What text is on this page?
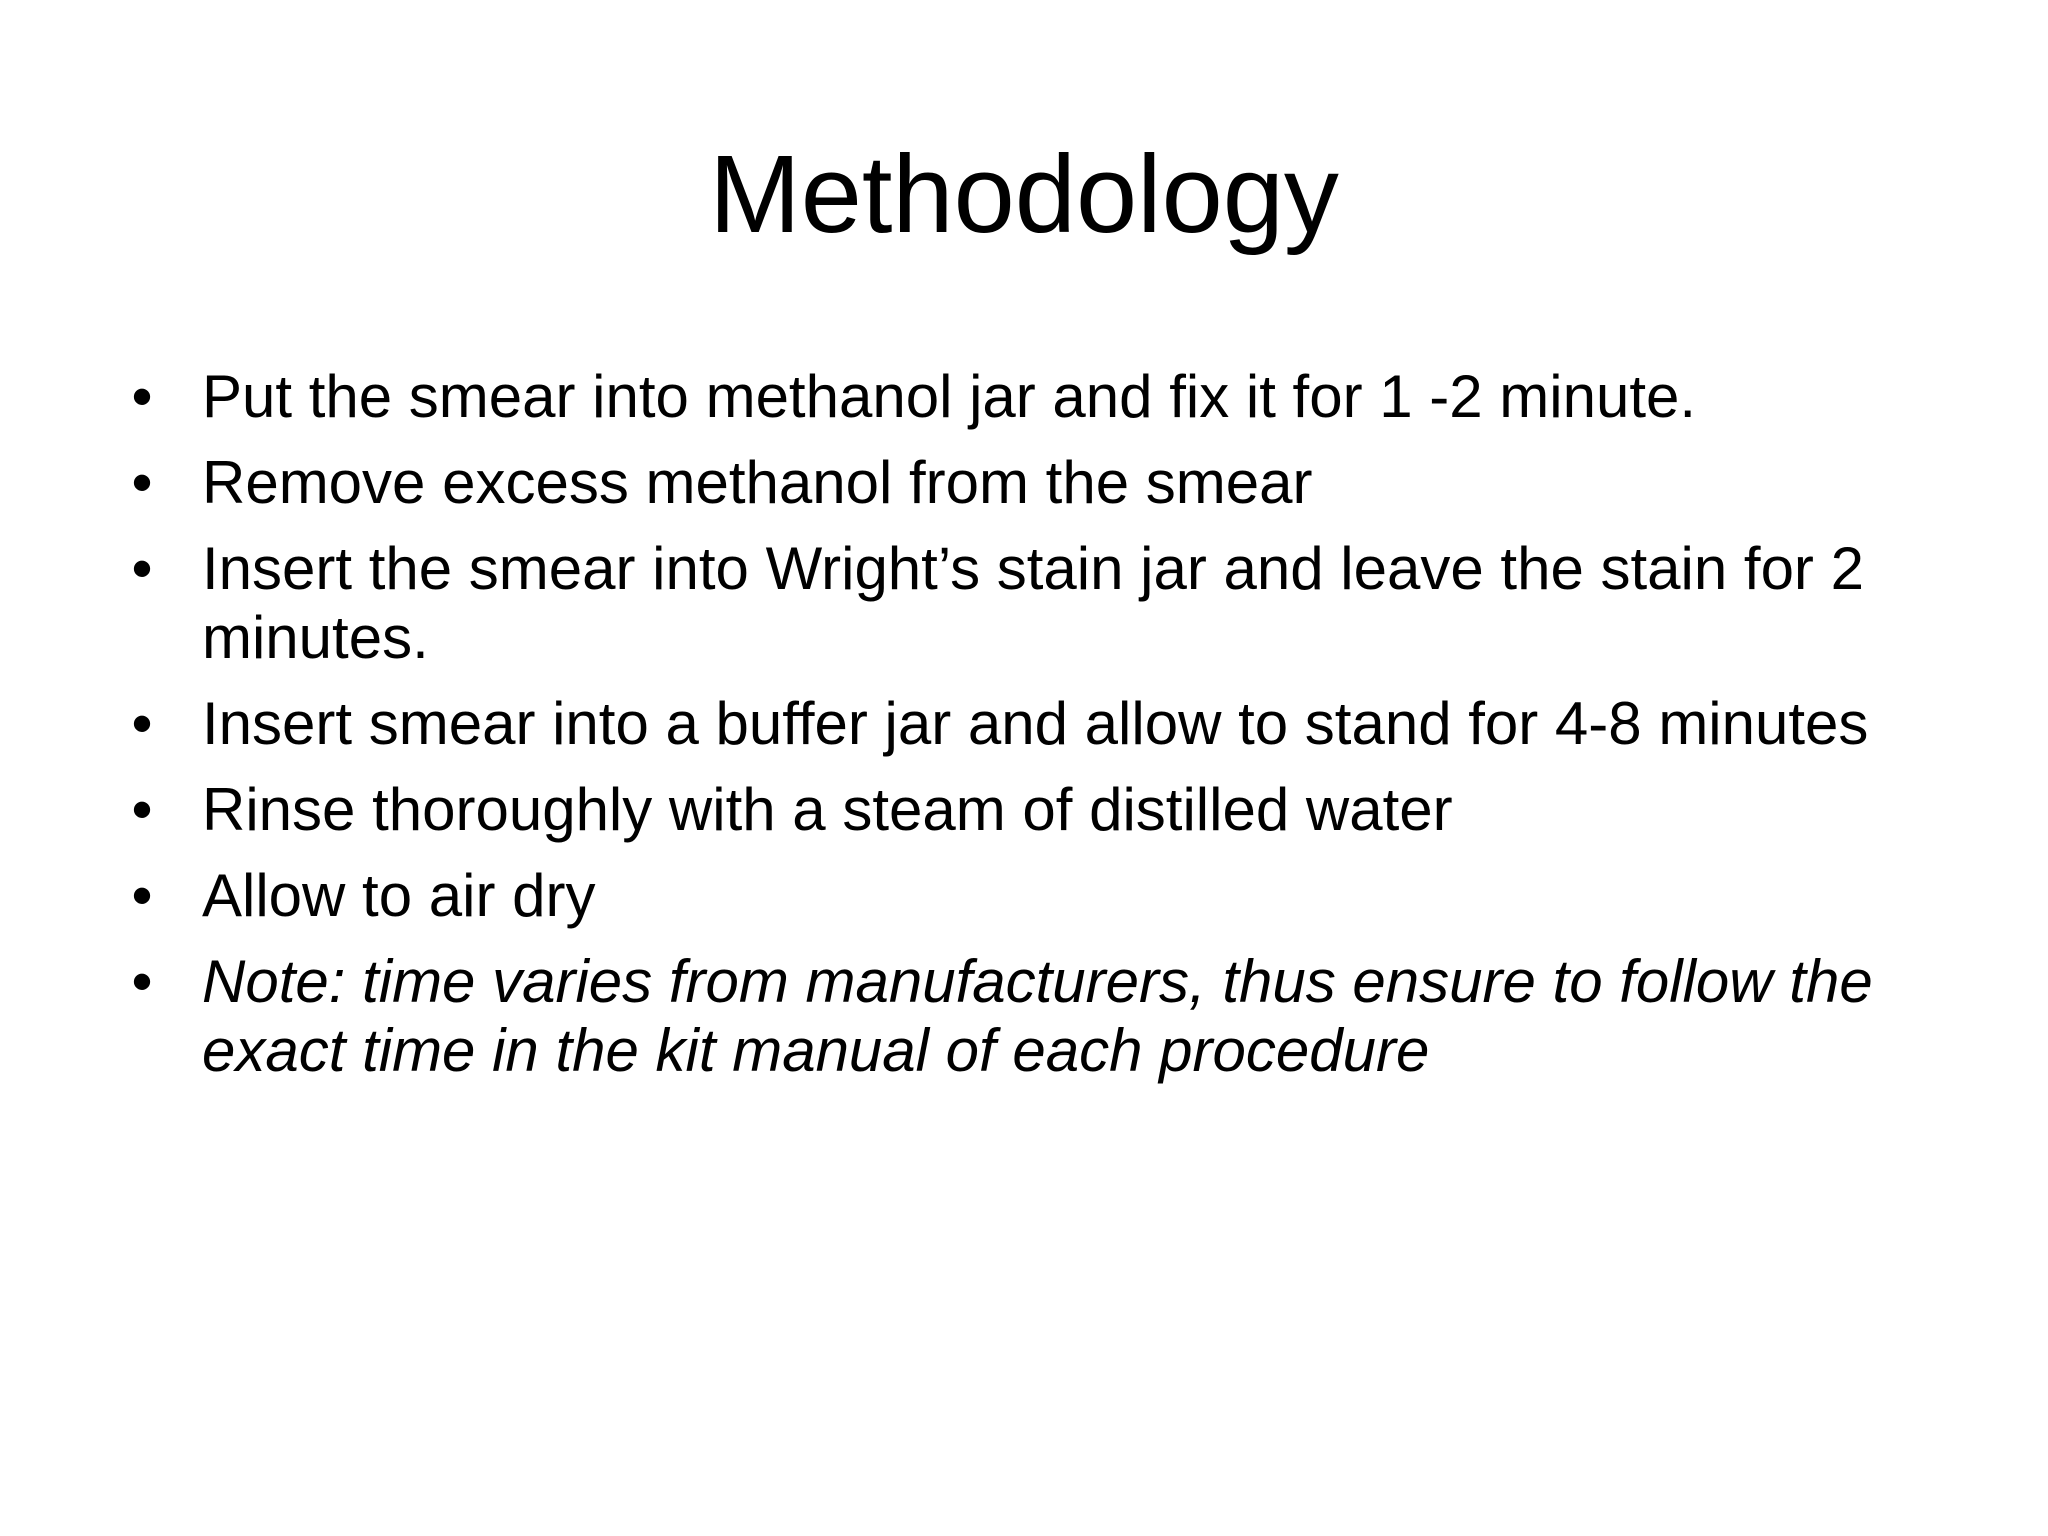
Methodology
• Put the smear into methanol jar and fix it for 1 -2 minute.
• Remove excess methanol from the smear
• Insert the smear into Wright’s stain jar and leave the stain for 2 minutes.
• Insert smear into a buffer jar and allow to stand for 4-8 minutes
• Rinse thoroughly with a steam of distilled water
• Allow to air dry
• Note: time varies from manufacturers, thus ensure to follow the exact time in the kit manual of each procedure
